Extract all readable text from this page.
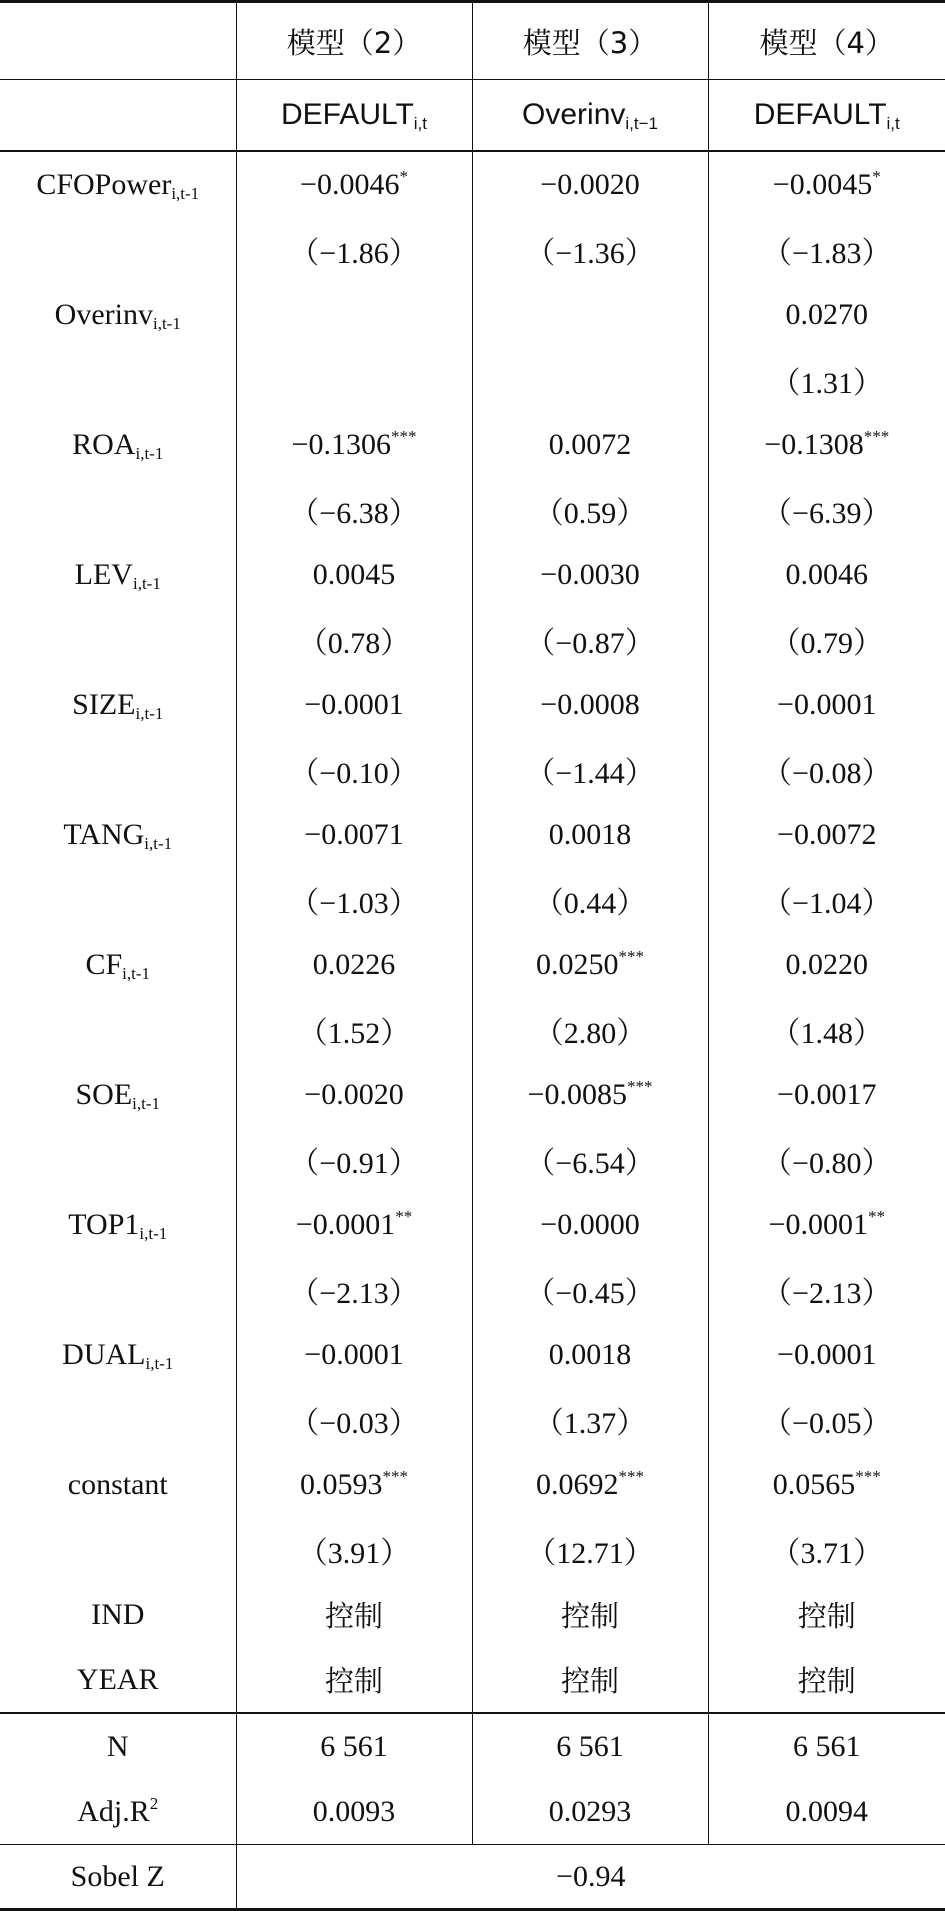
	模型（2）	模型（3）	模型（4）
	$DEFAULT_{i,t}$	Overinv$_{i,t-1}$	$DEFAULT_{i,t}$
CFOPower$_{i,t-1}$	−0.0046*	−0.0020	−0.0045*
	（−1.86）	（−1.36）	（−1.83）
Overinv$_{i,t-1}$			0.0270
			（1.31）
$ROA_{i,t-1}$	−0.1306***	0.0072	−0.1308***
	（−6.38）	（0.59）	（−6.39）
$LEV_{i,t-1}$	0.0045	−0.0030	0.0046
	（0.78）	（−0.87）	（0.79）
$SIZE_{i,t-1}$	−0.0001	−0.0008	−0.0001
	（−0.10）	（−1.44）	（−0.08）
$TANG_{i,t-1}$	−0.0071	0.0018	−0.0072
	（−1.03）	（0.44）	（−1.04）
$CF_{i,t-1}$	0.0226	0.0250***	0.0220
	（1.52）	（2.80）	（1.48）
$SOE_{i,t-1}$	−0.0020	−0.0085***	−0.0017
	（−0.91）	（−6.54）	（−0.80）
$TOP1_{i,t-1}$	−0.0001**	−0.0000	−0.0001**
	（−2.13）	（−0.45）	（−2.13）
$DUAL_{i,t-1}$	−0.0001	0.0018	−0.0001
	（−0.03）	（1.37）	（−0.05）
constant	0.0593***	0.0692***	0.0565***
	（3.91）	（12.71）	（3.71）
IND	控制	控制	控制
YEAR	控制	控制	控制
N	6 561	6 561	6 561
$Adj.R^2$	0.0093	0.0293	0.0094
Sobel Z	−0.94		
